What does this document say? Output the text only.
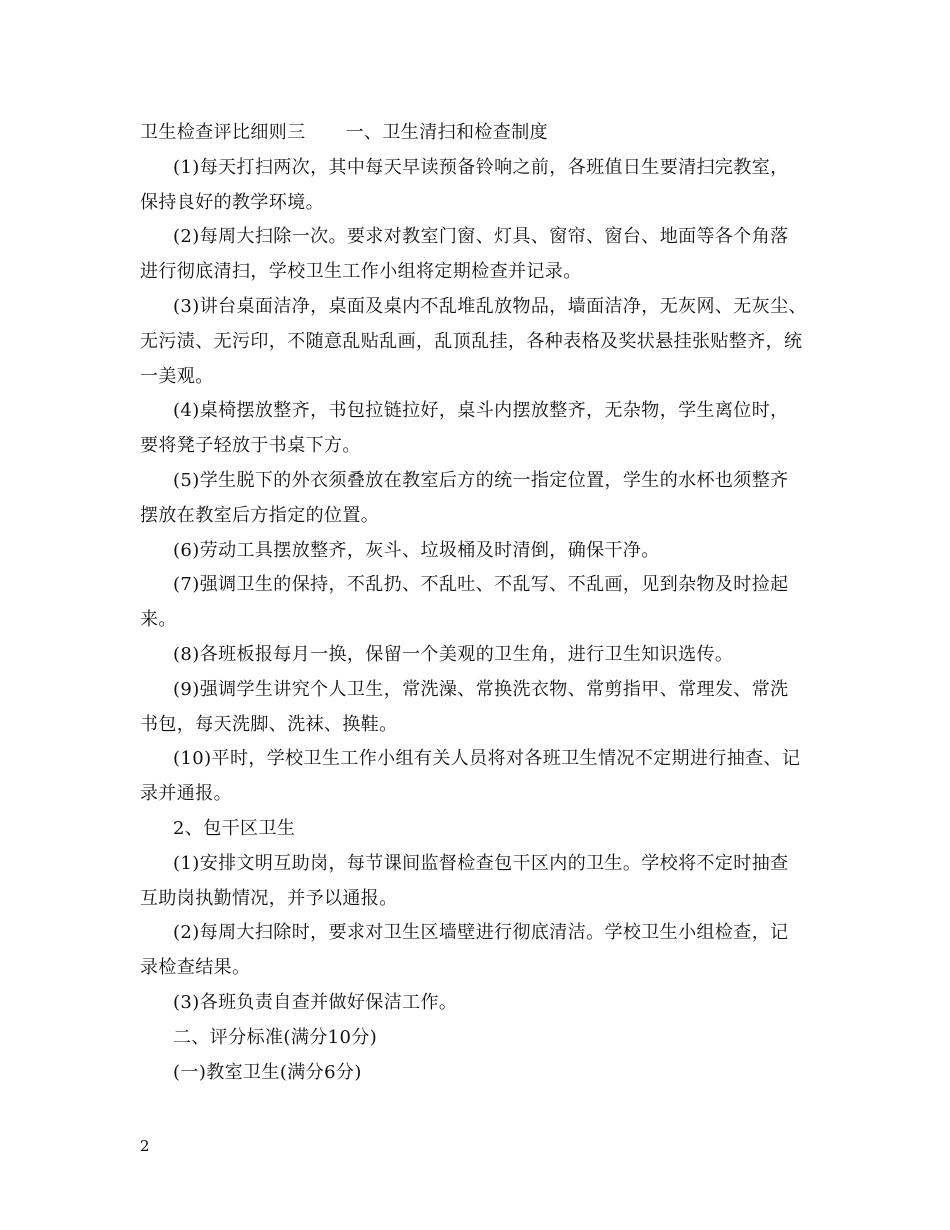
卫生检查评比细则三 一、卫生清扫和检查制度
(1)每天打扫两次，其中每天早读预备铃响之前，各班值日生要清扫完教室，
保持良好的教学环境。
(2)每周大扫除一次。要求对教室门窗、灯具、窗帘、窗台、地面等各个角落
进行彻底清扫，学校卫生工作小组将定期检查并记录。
(3)讲台桌面洁净，桌面及桌内不乱堆乱放物品，墙面洁净，无灰网、无灰尘、
无污渍、无污印，不随意乱贴乱画，乱顶乱挂，各种表格及奖状悬挂张贴整齐，统
一美观。
(4)桌椅摆放整齐，书包拉链拉好，桌斗内摆放整齐，无杂物，学生离位时，
要将凳子轻放于书桌下方。
(5)学生脱下的外衣须叠放在教室后方的统一指定位置，学生的水杯也须整齐
摆放在教室后方指定的位置。
(6)劳动工具摆放整齐，灰斗、垃圾桶及时清倒，确保干净。
(7)强调卫生的保持，不乱扔、不乱吐、不乱写、不乱画，见到杂物及时捡起
来。
(8)各班板报每月一换，保留一个美观的卫生角，进行卫生知识选传。
(9)强调学生讲究个人卫生，常洗澡、常换洗衣物、常剪指甲、常理发、常洗
书包，每天洗脚、洗袜、换鞋。
(10)平时，学校卫生工作小组有关人员将对各班卫生情况不定期进行抽查、记
录并通报。
2、包干区卫生
(1)安排文明互助岗，每节课间监督检查包干区内的卫生。学校将不定时抽查
互助岗执勤情况，并予以通报。
(2)每周大扫除时，要求对卫生区墙壁进行彻底清洁。学校卫生小组检查，记
录检查结果。
(3)各班负责自查并做好保洁工作。
二、评分标准(满分10分)
(一)教室卫生(满分6分)
2
